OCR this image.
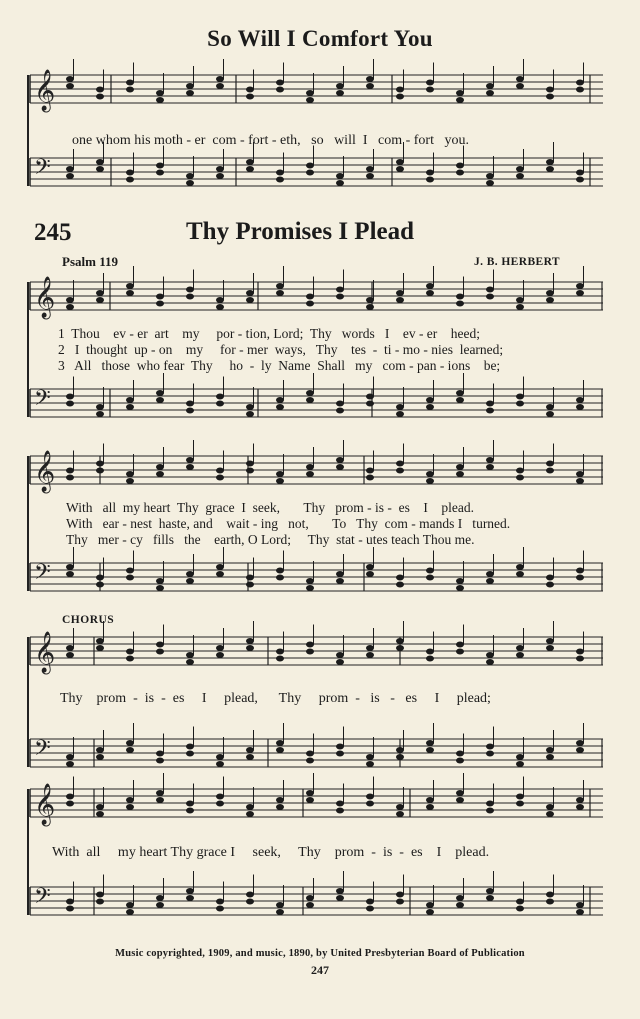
So Will I Comfort You
245	Thy Promises I Plead
Psalm 119	J. B. HERBERT
CHORUS
one whom his moth - er  com - fort - eth,   so   will  I   com - fort   you.
1  Thou    ev - er  art    my     por - tion, Lord;  Thy   words   I    ev - er    heed;
2   I  thought  up - on    my     for - mer  ways,   Thy    tes  -  ti - mo - nies  learned;
3   All   those  who fear  Thy     ho  -  ly  Name  Shall   my   com - pan - ions    be;
With   all  my heart  Thy  grace  I  seek,       Thy   prom - is -  es    I    plead.
With   ear - nest  haste, and    wait - ing   not,       To   Thy  com - mands I   turned.
Thy   mer - cy   fills   the    earth, O Lord;     Thy  stat - utes teach Thou me.
Thy    prom  -  is  -  es     I     plead,      Thy     prom  -   is   -   es     I     plead;
With  all     my heart Thy grace I     seek,     Thy    prom  -  is  -  es    I    plead.
Music copyrighted, 1909, and music, 1890, by United Presbyterian Board of Publication
247
𝄞
𝄢
𝄞
𝄢
𝄞
𝄢
𝄞
𝄢
𝄞
𝄢
